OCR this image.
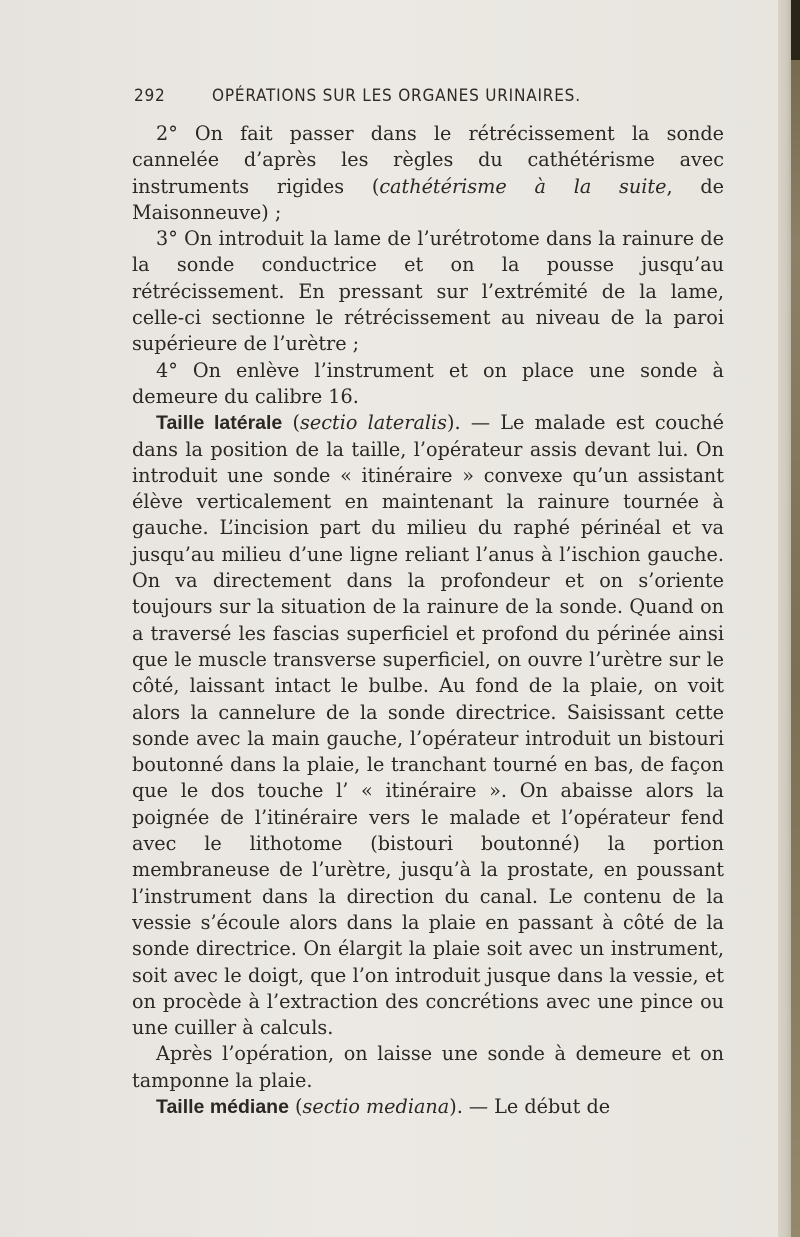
292	OPÉRATIONS SUR LES ORGANES URINAIRES.

2° On fait passer dans le rétrécissement la sonde cannelée d’après les règles du cathétérisme avec instruments rigides (cathétérisme à la suite, de Maisonneuve) ;

3° On introduit la lame de l’urétrotome dans la rainure de la sonde conductrice et on la pousse jusqu’au rétrécissement. En pressant sur l’extrémité de la lame, celle-ci sectionne le rétrécissement au niveau de la paroi supérieure de l’urètre ;

4° On enlève l’instrument et on place une sonde à demeure du calibre 16.

Taille latérale (sectio lateralis). — Le malade est couché dans la position de la taille, l’opérateur assis devant lui. On introduit une sonde « itinéraire » convexe qu’un assistant élève verticalement en maintenant la rainure tournée à gauche. L’incision part du milieu du raphé périnéal et va jusqu’au milieu d’une ligne reliant l’anus à l’ischion gauche. On va directement dans la profondeur et on s’oriente toujours sur la situation de la rainure de la sonde. Quand on a traversé les fascias superficiel et profond du périnée ainsi que le muscle transverse superficiel, on ouvre l’urètre sur le côté, laissant intact le bulbe. Au fond de la plaie, on voit alors la cannelure de la sonde directrice. Saisissant cette sonde avec la main gauche, l’opérateur introduit un bistouri boutonné dans la plaie, le tranchant tourné en bas, de façon que le dos touche l’ « itinéraire ». On abaisse alors la poignée de l’itinéraire vers le malade et l’opérateur fend avec le lithotome (bistouri boutonné) la portion membraneuse de l’urètre, jusqu’à la prostate, en poussant l’instrument dans la direction du canal. Le contenu de la vessie s’écoule alors dans la plaie en passant à côté de la sonde directrice. On élargit la plaie soit avec un instrument, soit avec le doigt, que l’on introduit jusque dans la vessie, et on procède à l’extraction des concrétions avec une pince ou une cuiller à calculs.

Après l’opération, on laisse une sonde à demeure et on tamponne la plaie.

Taille médiane (sectio mediana). — Le début de
